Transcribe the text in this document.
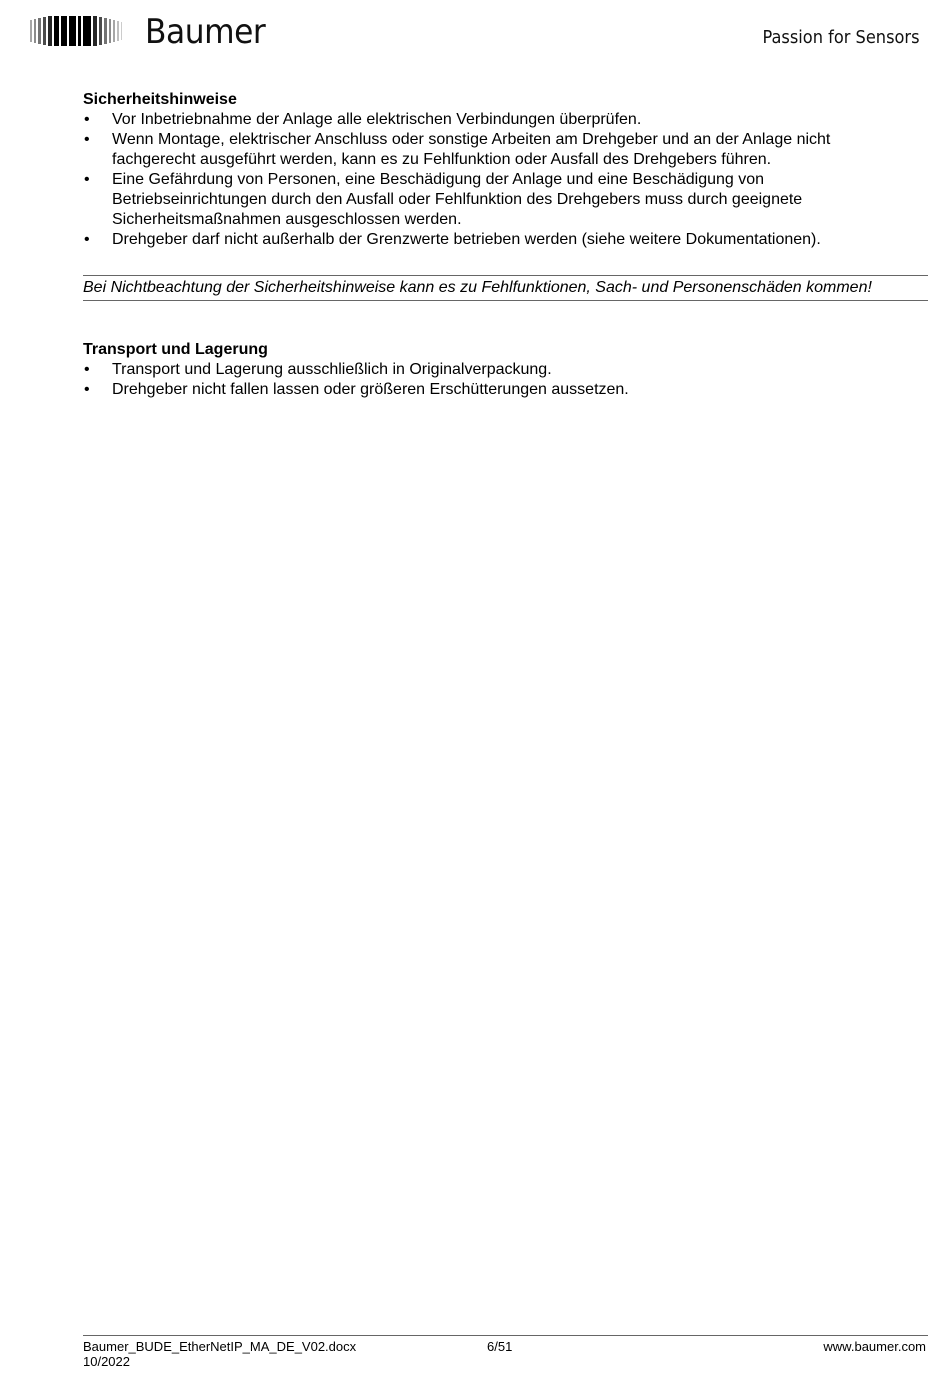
Baumer	Passion for Sensors
Sicherheitshinweise
• Vor Inbetriebnahme der Anlage alle elektrischen Verbindungen überprüfen.
• Wenn Montage, elektrischer Anschluss oder sonstige Arbeiten am Drehgeber und an der Anlage nicht fachgerecht ausgeführt werden, kann es zu Fehlfunktion oder Ausfall des Drehgebers führen.
• Eine Gefährdung von Personen, eine Beschädigung der Anlage und eine Beschädigung von Betriebseinrichtungen durch den Ausfall oder Fehlfunktion des Drehgebers muss durch geeignete Sicherheitsmaßnahmen ausgeschlossen werden.
• Drehgeber darf nicht außerhalb der Grenzwerte betrieben werden (siehe weitere Dokumentationen).

Bei Nichtbeachtung der Sicherheitshinweise kann es zu Fehlfunktionen, Sach- und Personenschäden kommen!

Transport und Lagerung
• Transport und Lagerung ausschließlich in Originalverpackung.
• Drehgeber nicht fallen lassen oder größeren Erschütterungen aussetzen.
Baumer_BUDE_EtherNetIP_MA_DE_V02.docx
10/2022
6/51	www.baumer.com
